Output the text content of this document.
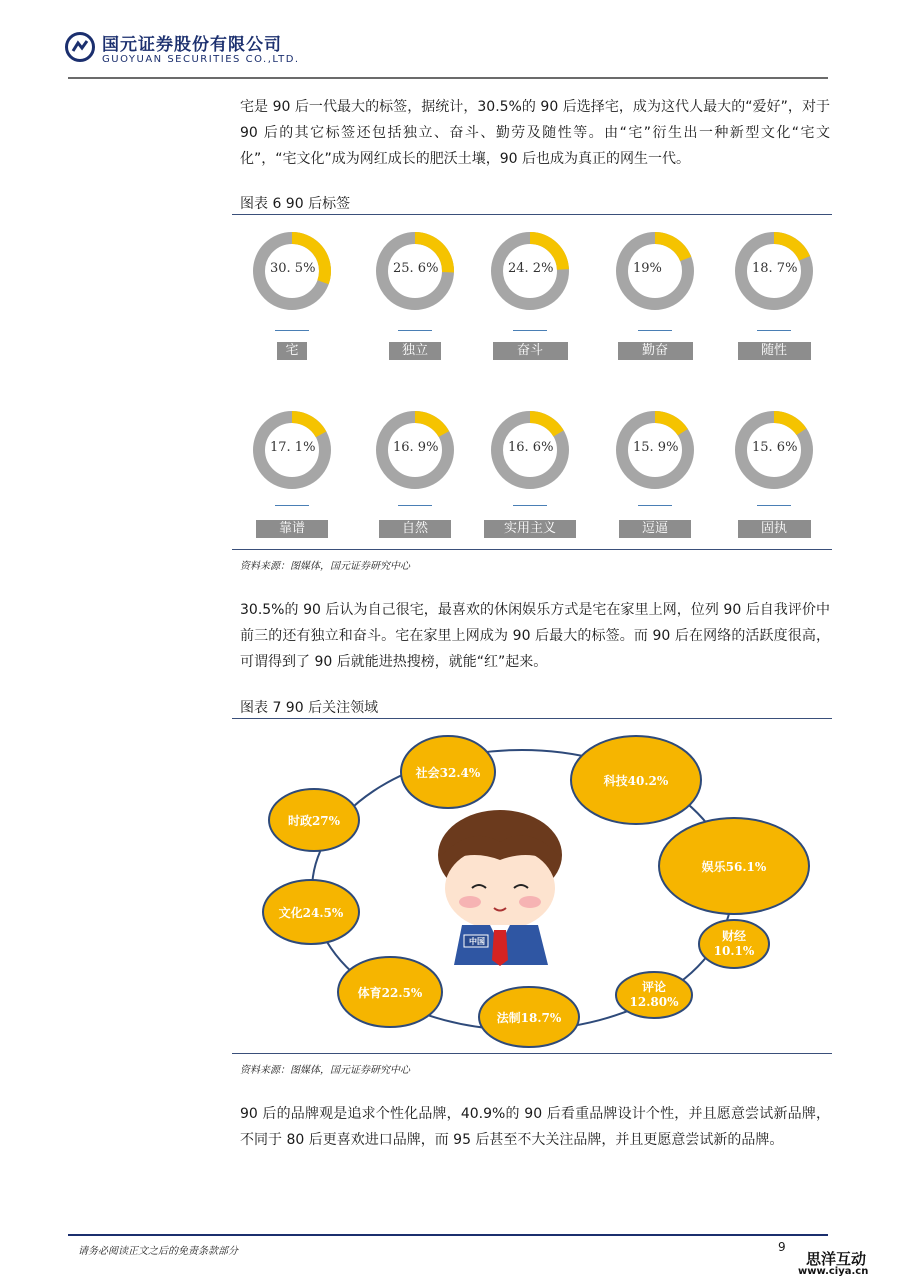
国元证券股份有限公司
GUOYUAN SECURITIES CO.,LTD.
宅是 90 后一代最大的标签，据统计，30.5%的 90 后选择宅，成为这代人最大的“爱好”，对于 90 后的其它标签还包括独立、奋斗、勤劳及随性等。由“宅”衍生出一种新型文化“宅文化”，“宅文化”成为网红成长的肥沃土壤，90 后也成为真正的网生一代。
图表 6 90 后标签
30. 5%
宅
25. 6%
独立
24. 2%
奋斗
19%
勤奋
18. 7%
随性
17. 1%
靠谱
16. 9%
自然
16. 6%
实用主义
15. 9%
逗逼
15. 6%
固执
资料来源：图媒体，国元证券研究中心
30.5%的 90 后认为自己很宅，最喜欢的休闲娱乐方式是宅在家里上网，位列 90 后自我评价中前三的还有独立和奋斗。宅在家里上网成为 90 后最大的标签。而 90 后在网络的活跃度很高，可谓得到了 90 后就能进热搜榜，就能“红”起来。
图表 7 90 后关注领域
中国
社会32.4%
科技40.2%
娱乐56.1%
财经
10.1%
评论
12.80%
法制18.7%
体育22.5%
文化24.5%
时政27%
资料来源：图媒体，国元证券研究中心
90 后的品牌观是追求个性化品牌，40.9%的 90 后看重品牌设计个性，并且愿意尝试新品牌，不同于 80 后更喜欢进口品牌，而 95 后甚至不大关注品牌，并且更愿意尝试新的品牌。
请务必阅读正文之后的免责条款部分	9
思洋互动
www.ciya.cn
